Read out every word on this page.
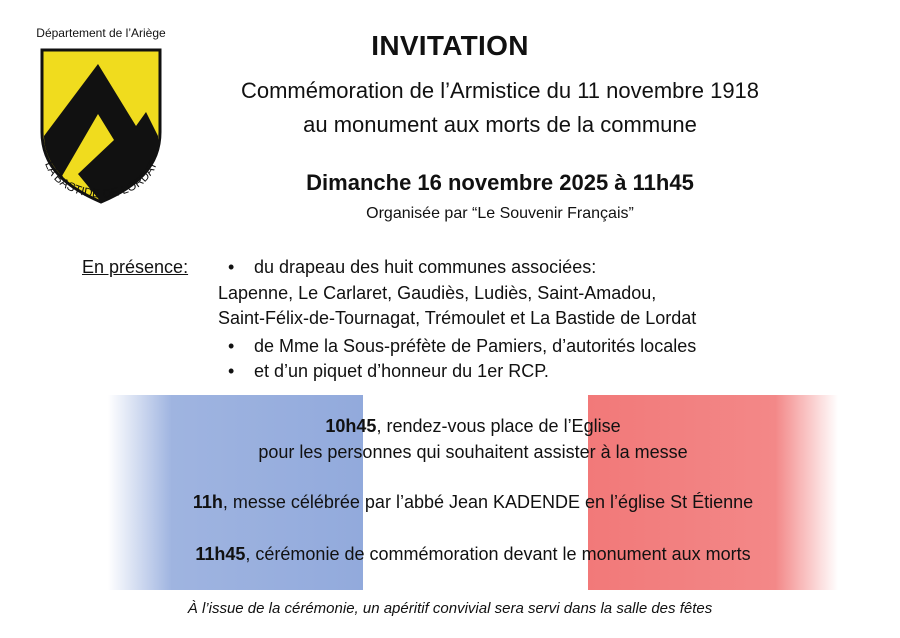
Département de l’Ariège
LA BASTIDE DE LORDAT
INVITATION
Commémoration de l’Armistice du 11 novembre 1918
au monument aux morts de la commune
Dimanche 16 novembre 2025 à 11h45
Organisée par “Le Souvenir Français”
En présence: • du drapeau des huit communes associées:
Lapenne, Le Carlaret, Gaudiès, Ludiès, Saint-Amadou,
Saint-Félix-de-Tournagat, Trémoulet et La Bastide de Lordat
• de Mme la Sous-préfète de Pamiers, d’autorités locales
• et d’un piquet d’honneur du 1er RCP.
10h45, rendez-vous place de l’Eglise
pour les personnes qui souhaitent assister à la messe
11h, messe célébrée par l’abbé Jean KADENDE en l’église St Étienne
11h45, cérémonie de commémoration devant le monument aux morts
À l’issue de la cérémonie, un apéritif convivial sera servi dans la salle des fêtes
